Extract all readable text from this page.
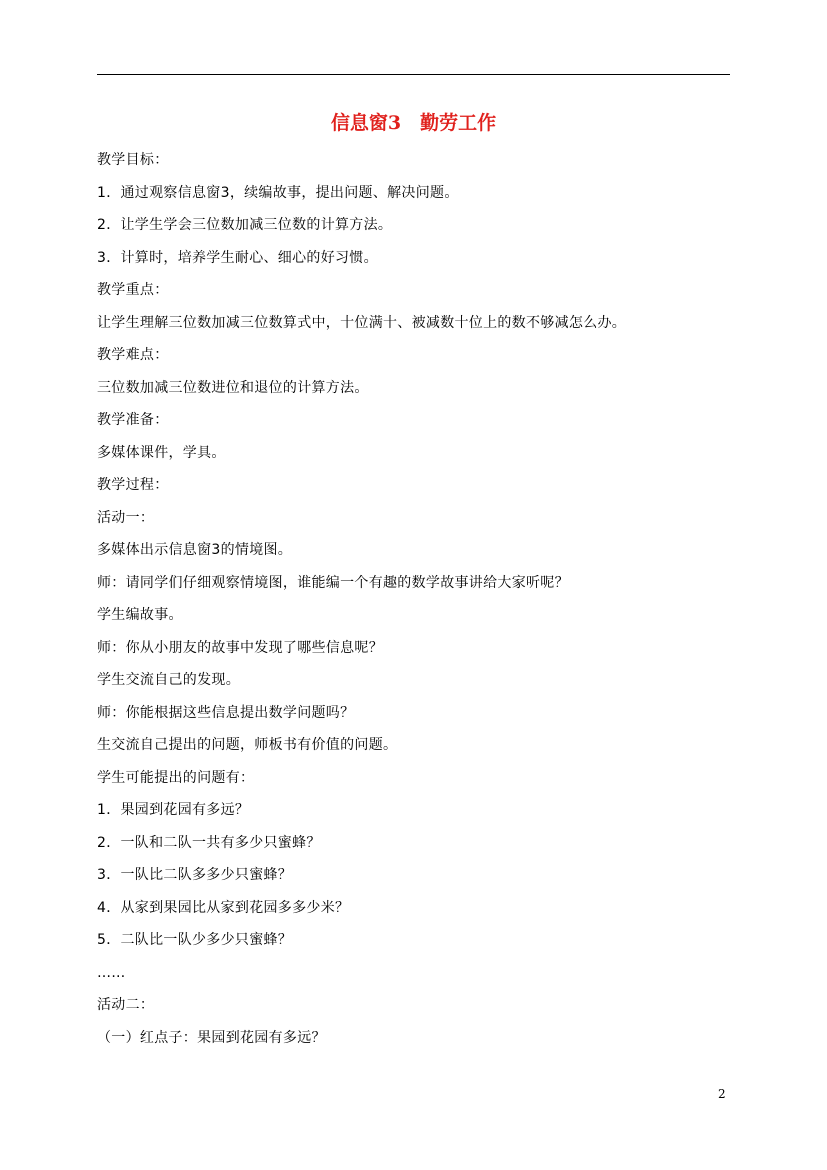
信息窗3　勤劳工作
教学目标：
1．通过观察信息窗3，续编故事，提出问题、解决问题。
2．让学生学会三位数加减三位数的计算方法。
3．计算时，培养学生耐心、细心的好习惯。
教学重点：
让学生理解三位数加减三位数算式中，十位满十、被减数十位上的数不够减怎么办。
教学难点：
三位数加减三位数进位和退位的计算方法。
教学准备：
多媒体课件，学具。
教学过程：
活动一：
多媒体出示信息窗3的情境图。
师：请同学们仔细观察情境图，谁能编一个有趣的数学故事讲给大家听呢？
学生编故事。
师：你从小朋友的故事中发现了哪些信息呢？
学生交流自己的发现。
师：你能根据这些信息提出数学问题吗？
生交流自己提出的问题，师板书有价值的问题。
学生可能提出的问题有：
1．果园到花园有多远？
2．一队和二队一共有多少只蜜蜂？
3．一队比二队多多少只蜜蜂？
4．从家到果园比从家到花园多多少米？
5．二队比一队少多少只蜜蜂？
……
活动二：
（一）红点子：果园到花园有多远？
2
